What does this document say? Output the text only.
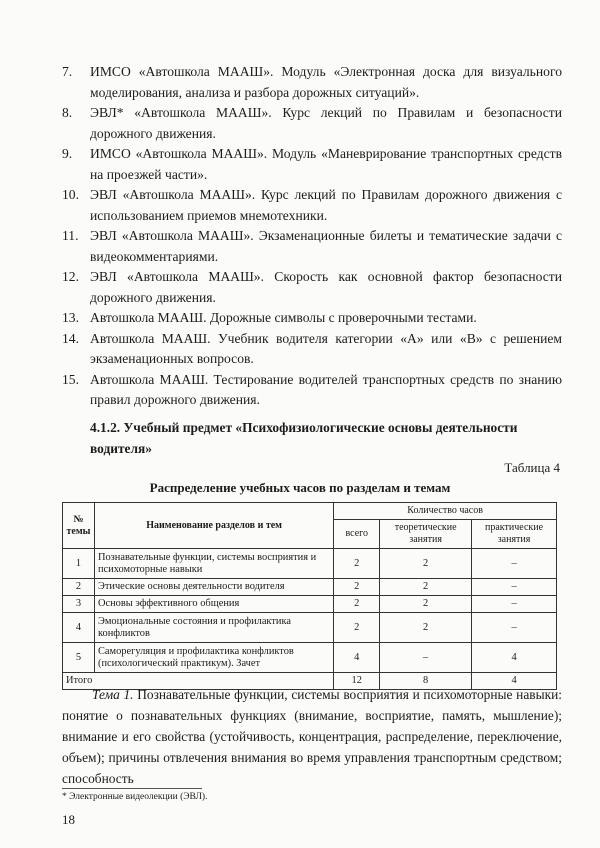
7.	ИМСО «Автошкола МААШ». Модуль «Электронная доска для визуального моделирования, анализа и разбора дорожных ситуаций».
8.	ЭВЛ* «Автошкола МААШ». Курс лекций по Правилам и безопасности дорожного движения.
9.	ИМСО «Автошкола МААШ». Модуль «Маневрирование транспортных средств на проезжей части».
10. ЭВЛ «Автошкола МААШ». Курс лекций по Правилам дорожного движения с использованием приемов мнемотехники.
11. ЭВЛ «Автошкола МААШ». Экзаменационные билеты и тематические задачи с видеокомментариями.
12. ЭВЛ «Автошкола МААШ». Скорость как основной фактор безопасности дорожного движения.
13. Автошкола МААШ. Дорожные символы с проверочными тестами.
14. Автошкола МААШ. Учебник водителя категории «А» или «В» с решением экзаменационных вопросов.
15. Автошкола МААШ. Тестирование водителей транспортных средств по знанию правил дорожного движения.
4.1.2. Учебный предмет «Психофизиологические основы деятельности водителя»
Таблица 4
Распределение учебных часов по разделам и темам
№ темы	Наименование разделов и тем	Количество часов		
		всего	теоретические занятия	практические занятия
1	Познавательные функции, системы восприятия и психомоторные навыки	2	2	–
2	Этические основы деятельности водителя	2	2	–
3	Основы эффективного общения	2	2	–
4	Эмоциональные состояния и профилактика конфликтов	2	2	–
5	Саморегуляция и профилактика конфликтов (психологический практикум). Зачет	4	–	4
Итого		12	8	4
Тема 1. Познавательные функции, системы восприятия и психомоторные навыки: понятие о познавательных функциях (внимание, восприятие, память, мышление); внимание и его свойства (устойчивость, концентрация, распределение, переключение, объем); причины отвлечения внимания во время управления транспортным средством; способность
* Электронные видеолекции (ЭВЛ).
18
